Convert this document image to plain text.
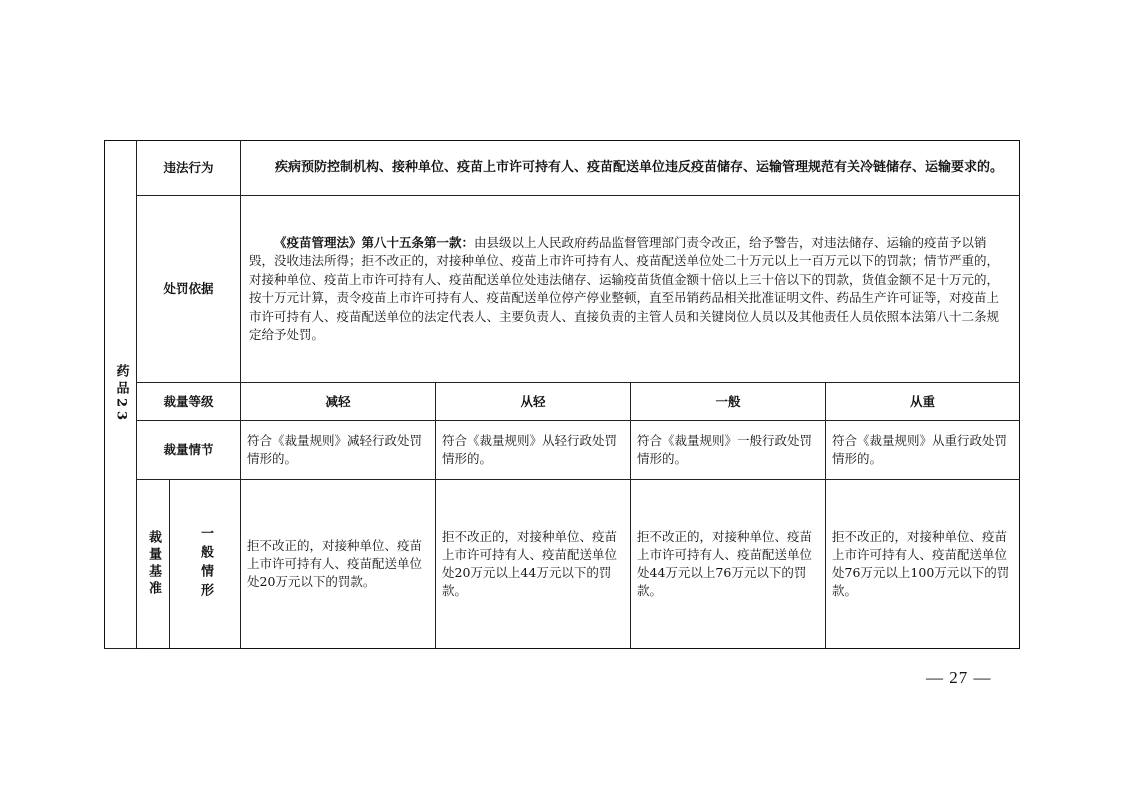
药品23	违法行为		疾病预防控制机构、接种单位、疫苗上市许可持有人、疫苗配送单位违反疫苗储存、运输管理规范有关冷链储存、运输要求的。			

	处罚依据		《疫苗管理法》第八十五条第一款：由县级以上人民政府药品监督管理部门责令改正，给予警告，对违法储存、运输的疫苗予以销毁，没收违法所得；拒不改正的，对接种单位、疫苗上市许可持有人、疫苗配送单位处二十万元以上一百万元以下的罚款；情节严重的，对接种单位、疫苗上市许可持有人、疫苗配送单位处违法储存、运输疫苗货值金额十倍以上三十倍以下的罚款，货值金额不足十万元的，按十万元计算，责令疫苗上市许可持有人、疫苗配送单位停产停业整顿，直至吊销药品相关批准证明文件、药品生产许可证等，对疫苗上市许可持有人、疫苗配送单位的法定代表人、主要负责人、直接负责的主管人员和关键岗位人员以及其他责任人员依照本法第八十二条规定给予处罚。			

	裁量等级		减轻	从轻	一般	从重
	裁量情节		符合《裁量规则》减轻行政处罚情形的。	符合《裁量规则》从轻行政处罚情形的。	符合《裁量规则》一般行政处罚情形的。	符合《裁量规则》从重行政处罚情形的。

	裁量基准	一般情形	拒不改正的，对接种单位、疫苗上市许可持有人、疫苗配送单位处20万元以下的罚款。	拒不改正的，对接种单位、疫苗上市许可持有人、疫苗配送单位处20万元以上44万元以下的罚款。	拒不改正的，对接种单位、疫苗上市许可持有人、疫苗配送单位处44万元以上76万元以下的罚款。	拒不改正的，对接种单位、疫苗上市许可持有人、疫苗配送单位处76万元以上100万元以下的罚款。
— 27 —
